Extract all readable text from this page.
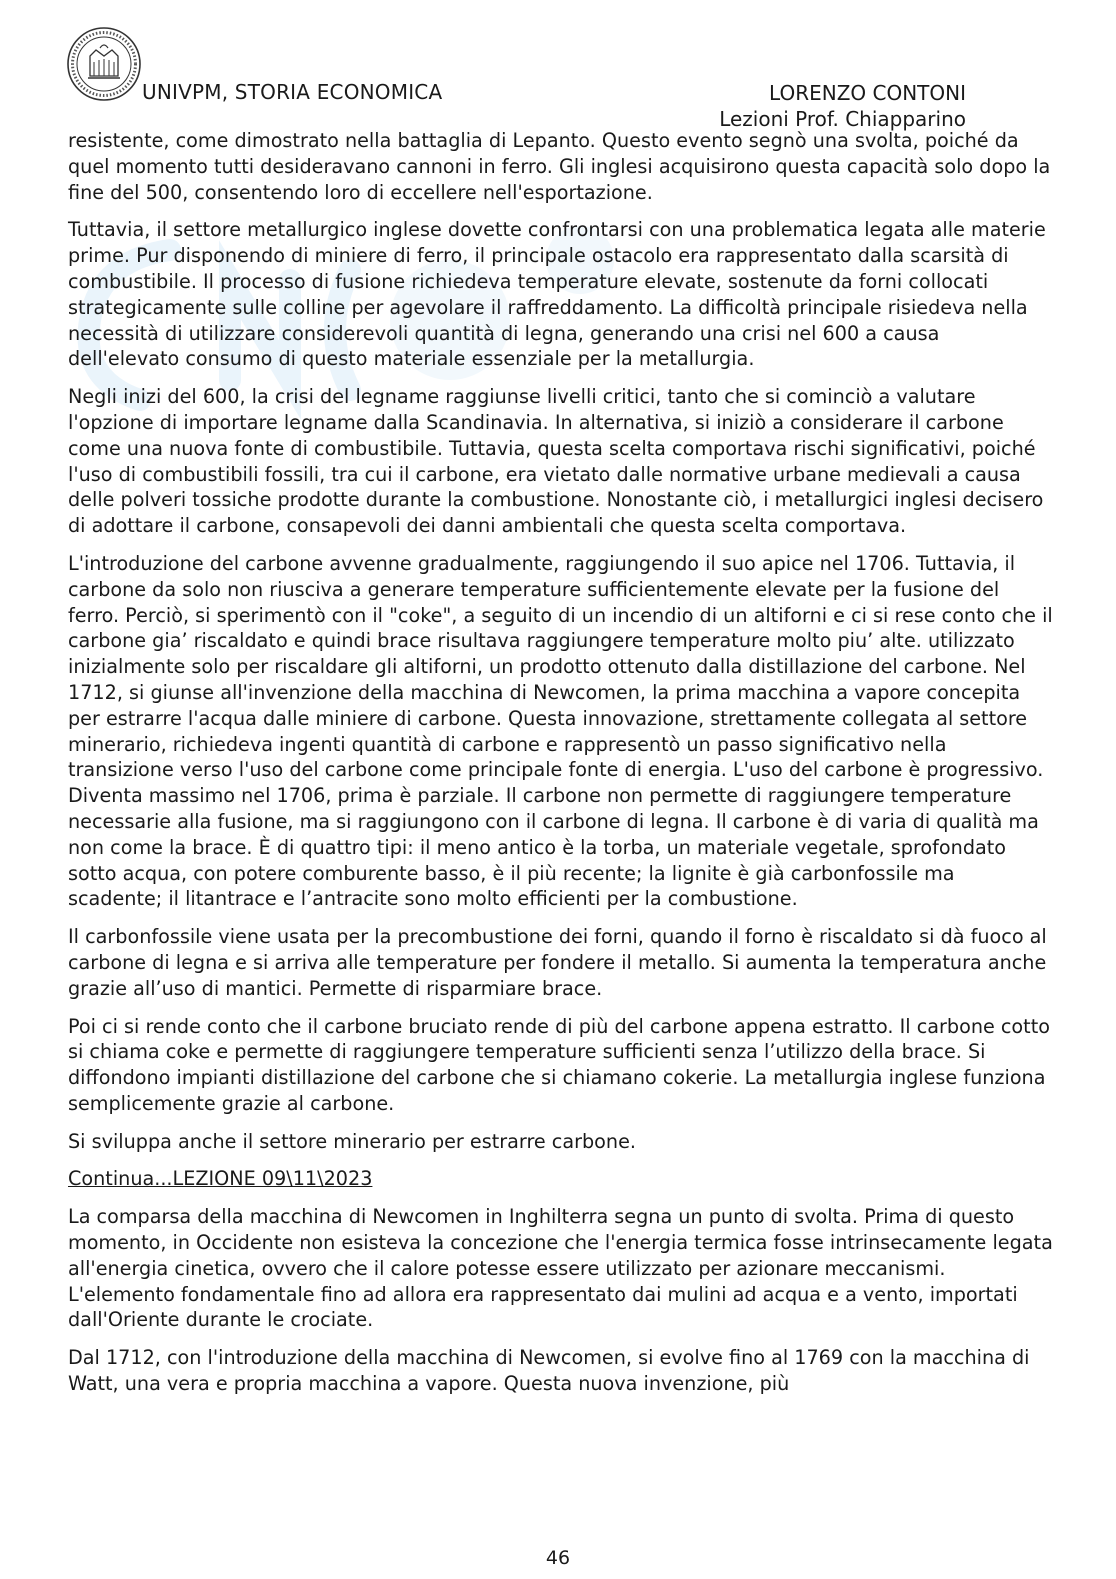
UNIVPM, STORIA ECONOMICA	LORENZO CONTONI
Lezioni Prof. Chiapparino

resistente, come dimostrato nella battaglia di Lepanto. Questo evento segnò una svolta, poiché da quel momento tutti desideravano cannoni in ferro. Gli inglesi acquisirono questa capacità solo dopo la fine del 500, consentendo loro di eccellere nell'esportazione.

Tuttavia, il settore metallurgico inglese dovette confrontarsi con una problematica legata alle materie prime. Pur disponendo di miniere di ferro, il principale ostacolo era rappresentato dalla scarsità di combustibile. Il processo di fusione richiedeva temperature elevate, sostenute da forni collocati strategicamente sulle colline per agevolare il raffreddamento. La difficoltà principale risiedeva nella necessità di utilizzare considerevoli quantità di legna, generando una crisi nel 600 a causa dell'elevato consumo di questo materiale essenziale per la metallurgia.

Negli inizi del 600, la crisi del legname raggiunse livelli critici, tanto che si cominciò a valutare l'opzione di importare legname dalla Scandinavia. In alternativa, si iniziò a considerare il carbone come una nuova fonte di combustibile. Tuttavia, questa scelta comportava rischi significativi, poiché l'uso di combustibili fossili, tra cui il carbone, era vietato dalle normative urbane medievali a causa delle polveri tossiche prodotte durante la combustione. Nonostante ciò, i metallurgici inglesi decisero di adottare il carbone, consapevoli dei danni ambientali che questa scelta comportava.

L'introduzione del carbone avvenne gradualmente, raggiungendo il suo apice nel 1706. Tuttavia, il carbone da solo non riusciva a generare temperature sufficientemente elevate per la fusione del ferro. Perciò, si sperimentò con il "coke", a seguito di un incendio di un altiforni e ci si rese conto che il carbone gia’ riscaldato e quindi brace risultava raggiungere temperature molto piu’ alte. utilizzato inizialmente solo per riscaldare gli altiforni, un prodotto ottenuto dalla distillazione del carbone. Nel 1712, si giunse all'invenzione della macchina di Newcomen, la prima macchina a vapore concepita per estrarre l'acqua dalle miniere di carbone. Questa innovazione, strettamente collegata al settore minerario, richiedeva ingenti quantità di carbone e rappresentò un passo significativo nella transizione verso l'uso del carbone come principale fonte di energia. L'uso del carbone è progressivo. Diventa massimo nel 1706, prima è parziale. Il carbone non permette di raggiungere temperature necessarie alla fusione, ma si raggiungono con il carbone di legna. Il carbone è di varia di qualità ma non come la brace. È di quattro tipi: il meno antico è la torba, un materiale vegetale, sprofondato sotto acqua, con potere comburente basso, è il più recente; la lignite è già carbonfossile ma scadente; il litantrace e l’antracite sono molto efficienti per la combustione.

Il carbonfossile viene usata per la precombustione dei forni, quando il forno è riscaldato si dà fuoco al carbone di legna e si arriva alle temperature per fondere il metallo. Si aumenta la temperatura anche grazie all’uso di mantici. Permette di risparmiare brace.

Poi ci si rende conto che il carbone bruciato rende di più del carbone appena estratto. Il carbone cotto si chiama coke e permette di raggiungere temperature sufficienti senza l’utilizzo della brace. Si diffondono impianti distillazione del carbone che si chiamano cokerie. La metallurgia inglese funziona semplicemente grazie al carbone.

Si sviluppa anche il settore minerario per estrarre carbone.

Continua...LEZIONE 09\11\2023

La comparsa della macchina di Newcomen in Inghilterra segna un punto di svolta. Prima di questo momento, in Occidente non esisteva la concezione che l'energia termica fosse intrinsecamente legata all'energia cinetica, ovvero che il calore potesse essere utilizzato per azionare meccanismi. L'elemento fondamentale fino ad allora era rappresentato dai mulini ad acqua e a vento, importati dall'Oriente durante le crociate.

Dal 1712, con l'introduzione della macchina di Newcomen, si evolve fino al 1769 con la macchina di Watt, una vera e propria macchina a vapore. Questa nuova invenzione, più

46
